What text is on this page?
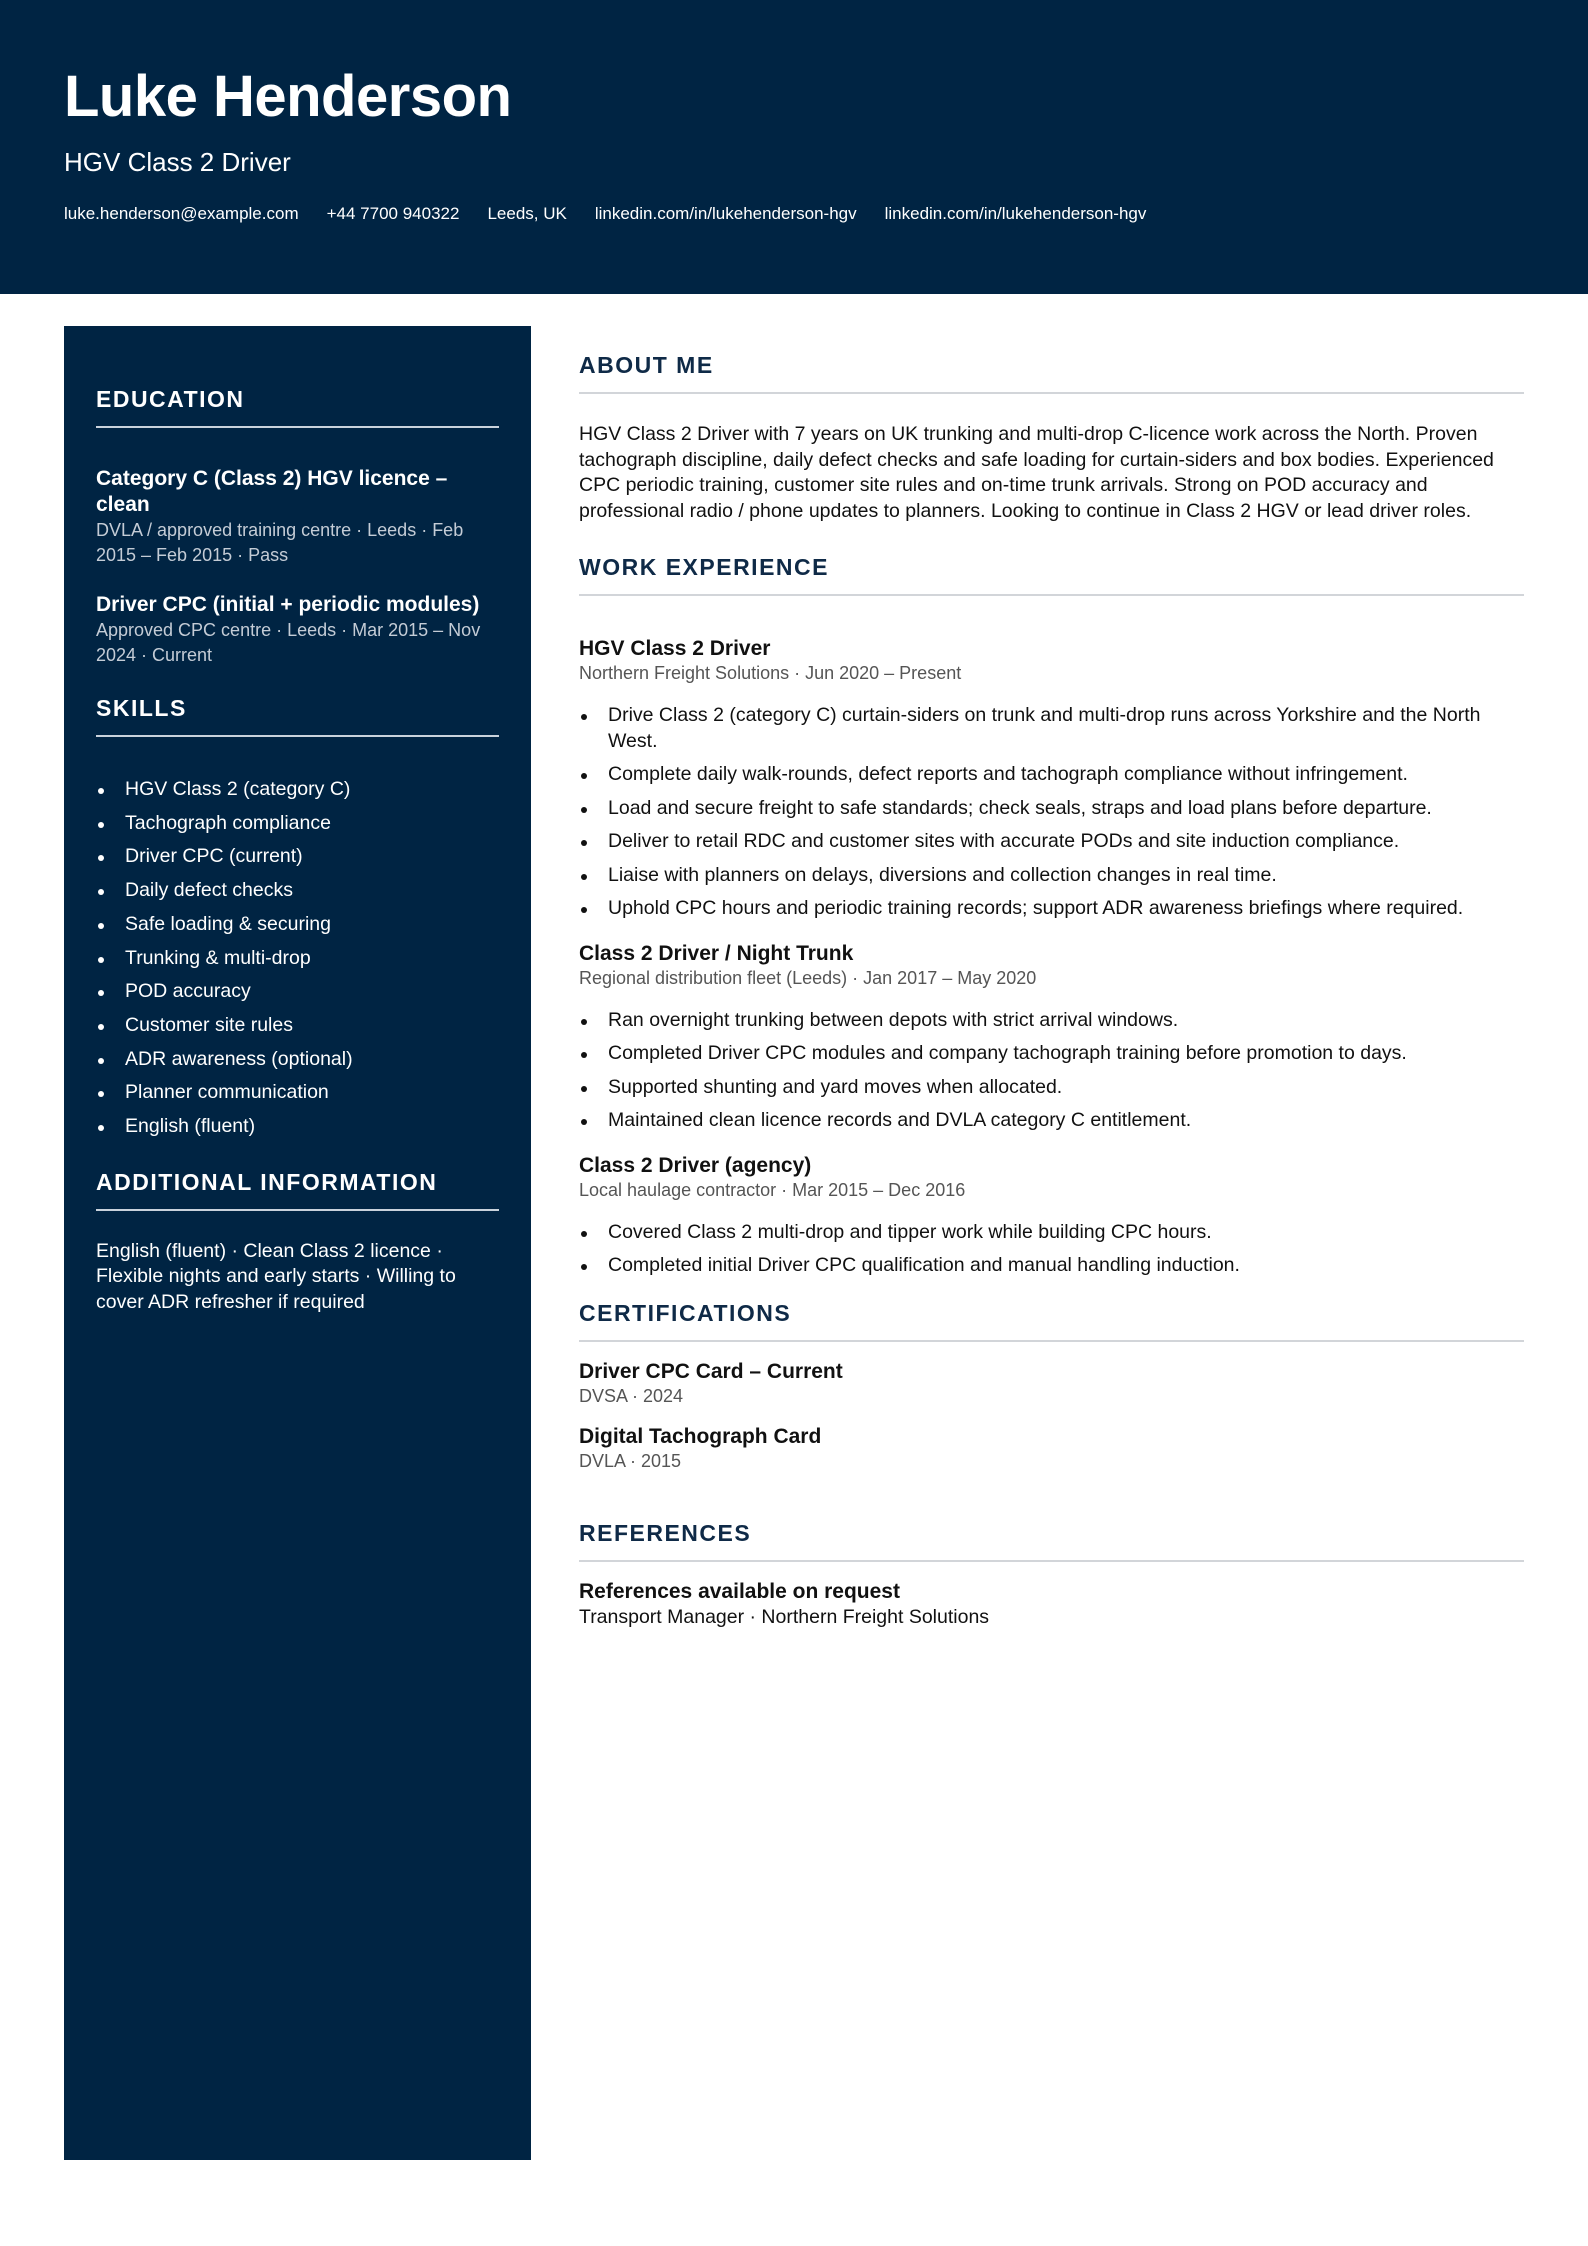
Luke Henderson
HGV Class 2 Driver
luke.henderson@example.com +44 7700 940322 Leeds, UK linkedin.com/in/lukehenderson-hgv linkedin.com/in/lukehenderson-hgv
EDUCATION
Category C (Class 2) HGV licence – clean
DVLA / approved training centre · Leeds · Feb 2015 – Feb 2015 · Pass
Driver CPC (initial + periodic modules)
Approved CPC centre · Leeds · Mar 2015 – Nov 2024 · Current
SKILLS
HGV Class 2 (category C)
Tachograph compliance
Driver CPC (current)
Daily defect checks
Safe loading & securing
Trunking & multi-drop
POD accuracy
Customer site rules
ADR awareness (optional)
Planner communication
English (fluent)
ADDITIONAL INFORMATION
English (fluent) · Clean Class 2 licence · Flexible nights and early starts · Willing to cover ADR refresher if required
ABOUT ME
HGV Class 2 Driver with 7 years on UK trunking and multi-drop C-licence work across the North. Proven tachograph discipline, daily defect checks and safe loading for curtain-siders and box bodies. Experienced CPC periodic training, customer site rules and on-time trunk arrivals. Strong on POD accuracy and professional radio / phone updates to planners. Looking to continue in Class 2 HGV or lead driver roles.
WORK EXPERIENCE
HGV Class 2 Driver
Northern Freight Solutions · Jun 2020 – Present
Drive Class 2 (category C) curtain-siders on trunk and multi-drop runs across Yorkshire and the North West.
Complete daily walk-rounds, defect reports and tachograph compliance without infringement.
Load and secure freight to safe standards; check seals, straps and load plans before departure.
Deliver to retail RDC and customer sites with accurate PODs and site induction compliance.
Liaise with planners on delays, diversions and collection changes in real time.
Uphold CPC hours and periodic training records; support ADR awareness briefings where required.
Class 2 Driver / Night Trunk
Regional distribution fleet (Leeds) · Jan 2017 – May 2020
Ran overnight trunking between depots with strict arrival windows.
Completed Driver CPC modules and company tachograph training before promotion to days.
Supported shunting and yard moves when allocated.
Maintained clean licence records and DVLA category C entitlement.
Class 2 Driver (agency)
Local haulage contractor · Mar 2015 – Dec 2016
Covered Class 2 multi-drop and tipper work while building CPC hours.
Completed initial Driver CPC qualification and manual handling induction.
CERTIFICATIONS
Driver CPC Card – Current
DVSA · 2024
Digital Tachograph Card
DVLA · 2015
REFERENCES
References available on request
Transport Manager · Northern Freight Solutions
